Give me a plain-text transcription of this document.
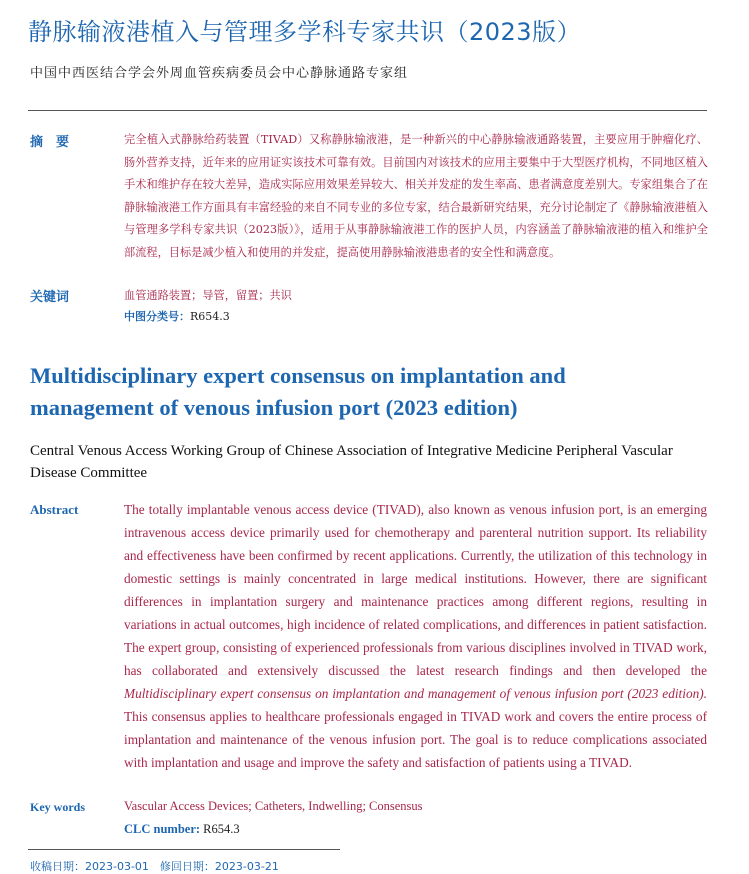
静脉输液港植入与管理多学科专家共识（2023版）
中国中西医结合学会外周血管疾病委员会中心静脉通路专家组
摘　要	完全植入式静脉给药装置（TIVAD）又称静脉输液港，是一种新兴的中心静脉输液通路装置，主要应用于肿瘤化疗、肠外营养支持，近年来的应用证实该技术可靠有效。目前国内对该技术的应用主要集中于大型医疗机构，不同地区植入手术和维护存在较大差异，造成实际应用效果差异较大、相关并发症的发生率高、患者满意度差别大。专家组集合了在静脉输液港工作方面具有丰富经验的来自不同专业的多位专家，结合最新研究结果，充分讨论制定了《静脉输液港植入与管理多学科专家共识（2023版）》，适用于从事静脉输液港工作的医护人员，内容涵盖了静脉输液港的植入和维护全部流程，目标是减少植入和使用的并发症，提高使用静脉输液港患者的安全性和满意度。
关键词	血管通路装置；导管，留置；共识
中图分类号：R654.3
Multidisciplinary expert consensus on implantation and management of venous infusion port (2023 edition)
Central Venous Access Working Group of Chinese Association of Integrative Medicine Peripheral Vascular Disease Committee
Abstract	The totally implantable venous access device (TIVAD), also known as venous infusion port, is an emerging intravenous access device primarily used for chemotherapy and parenteral nutrition support. Its reliability and effectiveness have been confirmed by recent applications. Currently, the utilization of this technology in domestic settings is mainly concentrated in large medical institutions. However, there are significant differences in implantation surgery and maintenance practices among different regions, resulting in variations in actual outcomes, high incidence of related complications, and differences in patient satisfaction. The expert group, consisting of experienced professionals from various disciplines involved in TIVAD work, has collaborated and extensively discussed the latest research findings and then developed the Multidisciplinary expert consensus on implantation and management of venous infusion port (2023 edition). This consensus applies to healthcare professionals engaged in TIVAD work and covers the entire process of implantation and maintenance of the venous infusion port. The goal is to reduce complications associated with implantation and usage and improve the safety and satisfaction of patients using a TIVAD.
Key words	Vascular Access Devices; Catheters, Indwelling; Consensus
CLC number: R654.3
收稿日期：2023-03-01　修回日期：2023-03-21
